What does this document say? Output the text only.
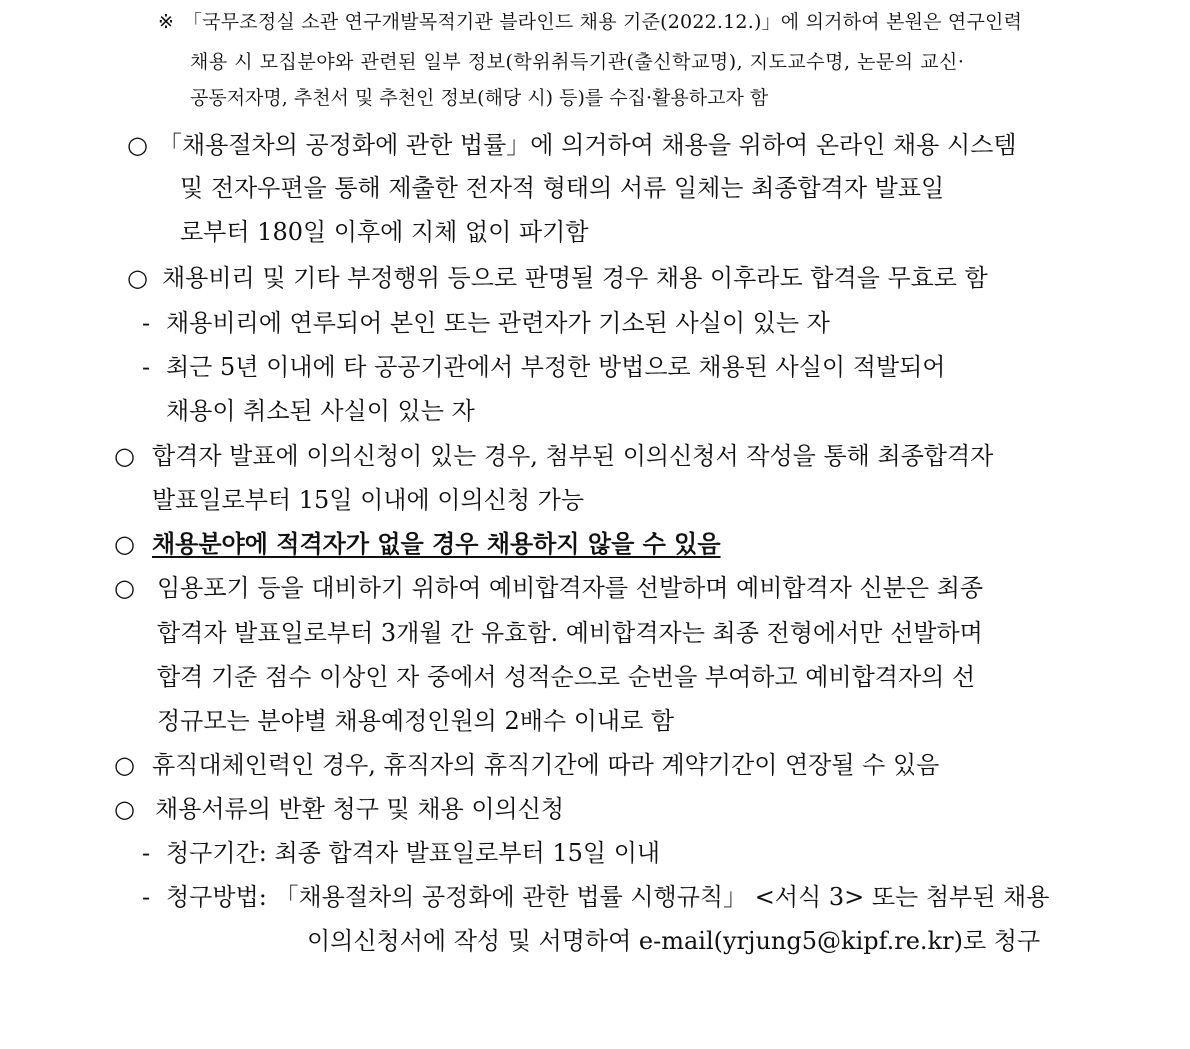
※ 「국무조정실 소관 연구개발목적기관 블라인드 채용 기준(2022.12.)」에 의거하여 본원은 연구인력
채용 시 모집분야와 관련된 일부 정보(학위취득기관(출신학교명), 지도교수명, 논문의 교신·
공동저자명, 추천서 및 추천인 정보(해당 시) 등)를 수집·활용하고자 함
○ 「채용절차의 공정화에 관한 법률」에 의거하여 채용을 위하여 온라인 채용 시스템
및 전자우편을 통해 제출한 전자적 형태의 서류 일체는 최종합격자 발표일
로부터 180일 이후에 지체 없이 파기함
○ 채용비리 및 기타 부정행위 등으로 판명될 경우 채용 이후라도 합격을 무효로 함
- 채용비리에 연루되어 본인 또는 관련자가 기소된 사실이 있는 자
- 최근 5년 이내에 타 공공기관에서 부정한 방법으로 채용된 사실이 적발되어
채용이 취소된 사실이 있는 자
○ 합격자 발표에 이의신청이 있는 경우, 첨부된 이의신청서 작성을 통해 최종합격자
발표일로부터 15일 이내에 이의신청 가능
○ 채용분야에 적격자가 없을 경우 채용하지 않을 수 있음
○ 임용포기 등을 대비하기 위하여 예비합격자를 선발하며 예비합격자 신분은 최종
합격자 발표일로부터 3개월 간 유효함. 예비합격자는 최종 전형에서만 선발하며
합격 기준 점수 이상인 자 중에서 성적순으로 순번을 부여하고 예비합격자의 선
정규모는 분야별 채용예정인원의 2배수 이내로 함
○ 휴직대체인력인 경우, 휴직자의 휴직기간에 따라 계약기간이 연장될 수 있음
○ 채용서류의 반환 청구 및 채용 이의신청
- 청구기간: 최종 합격자 발표일로부터 15일 이내
- 청구방법: 「채용절차의 공정화에 관한 법률 시행규칙」 <서식 3> 또는 첨부된 채용
이의신청서에 작성 및 서명하여 e-mail(yrjung5@kipf.re.kr)로 청구
